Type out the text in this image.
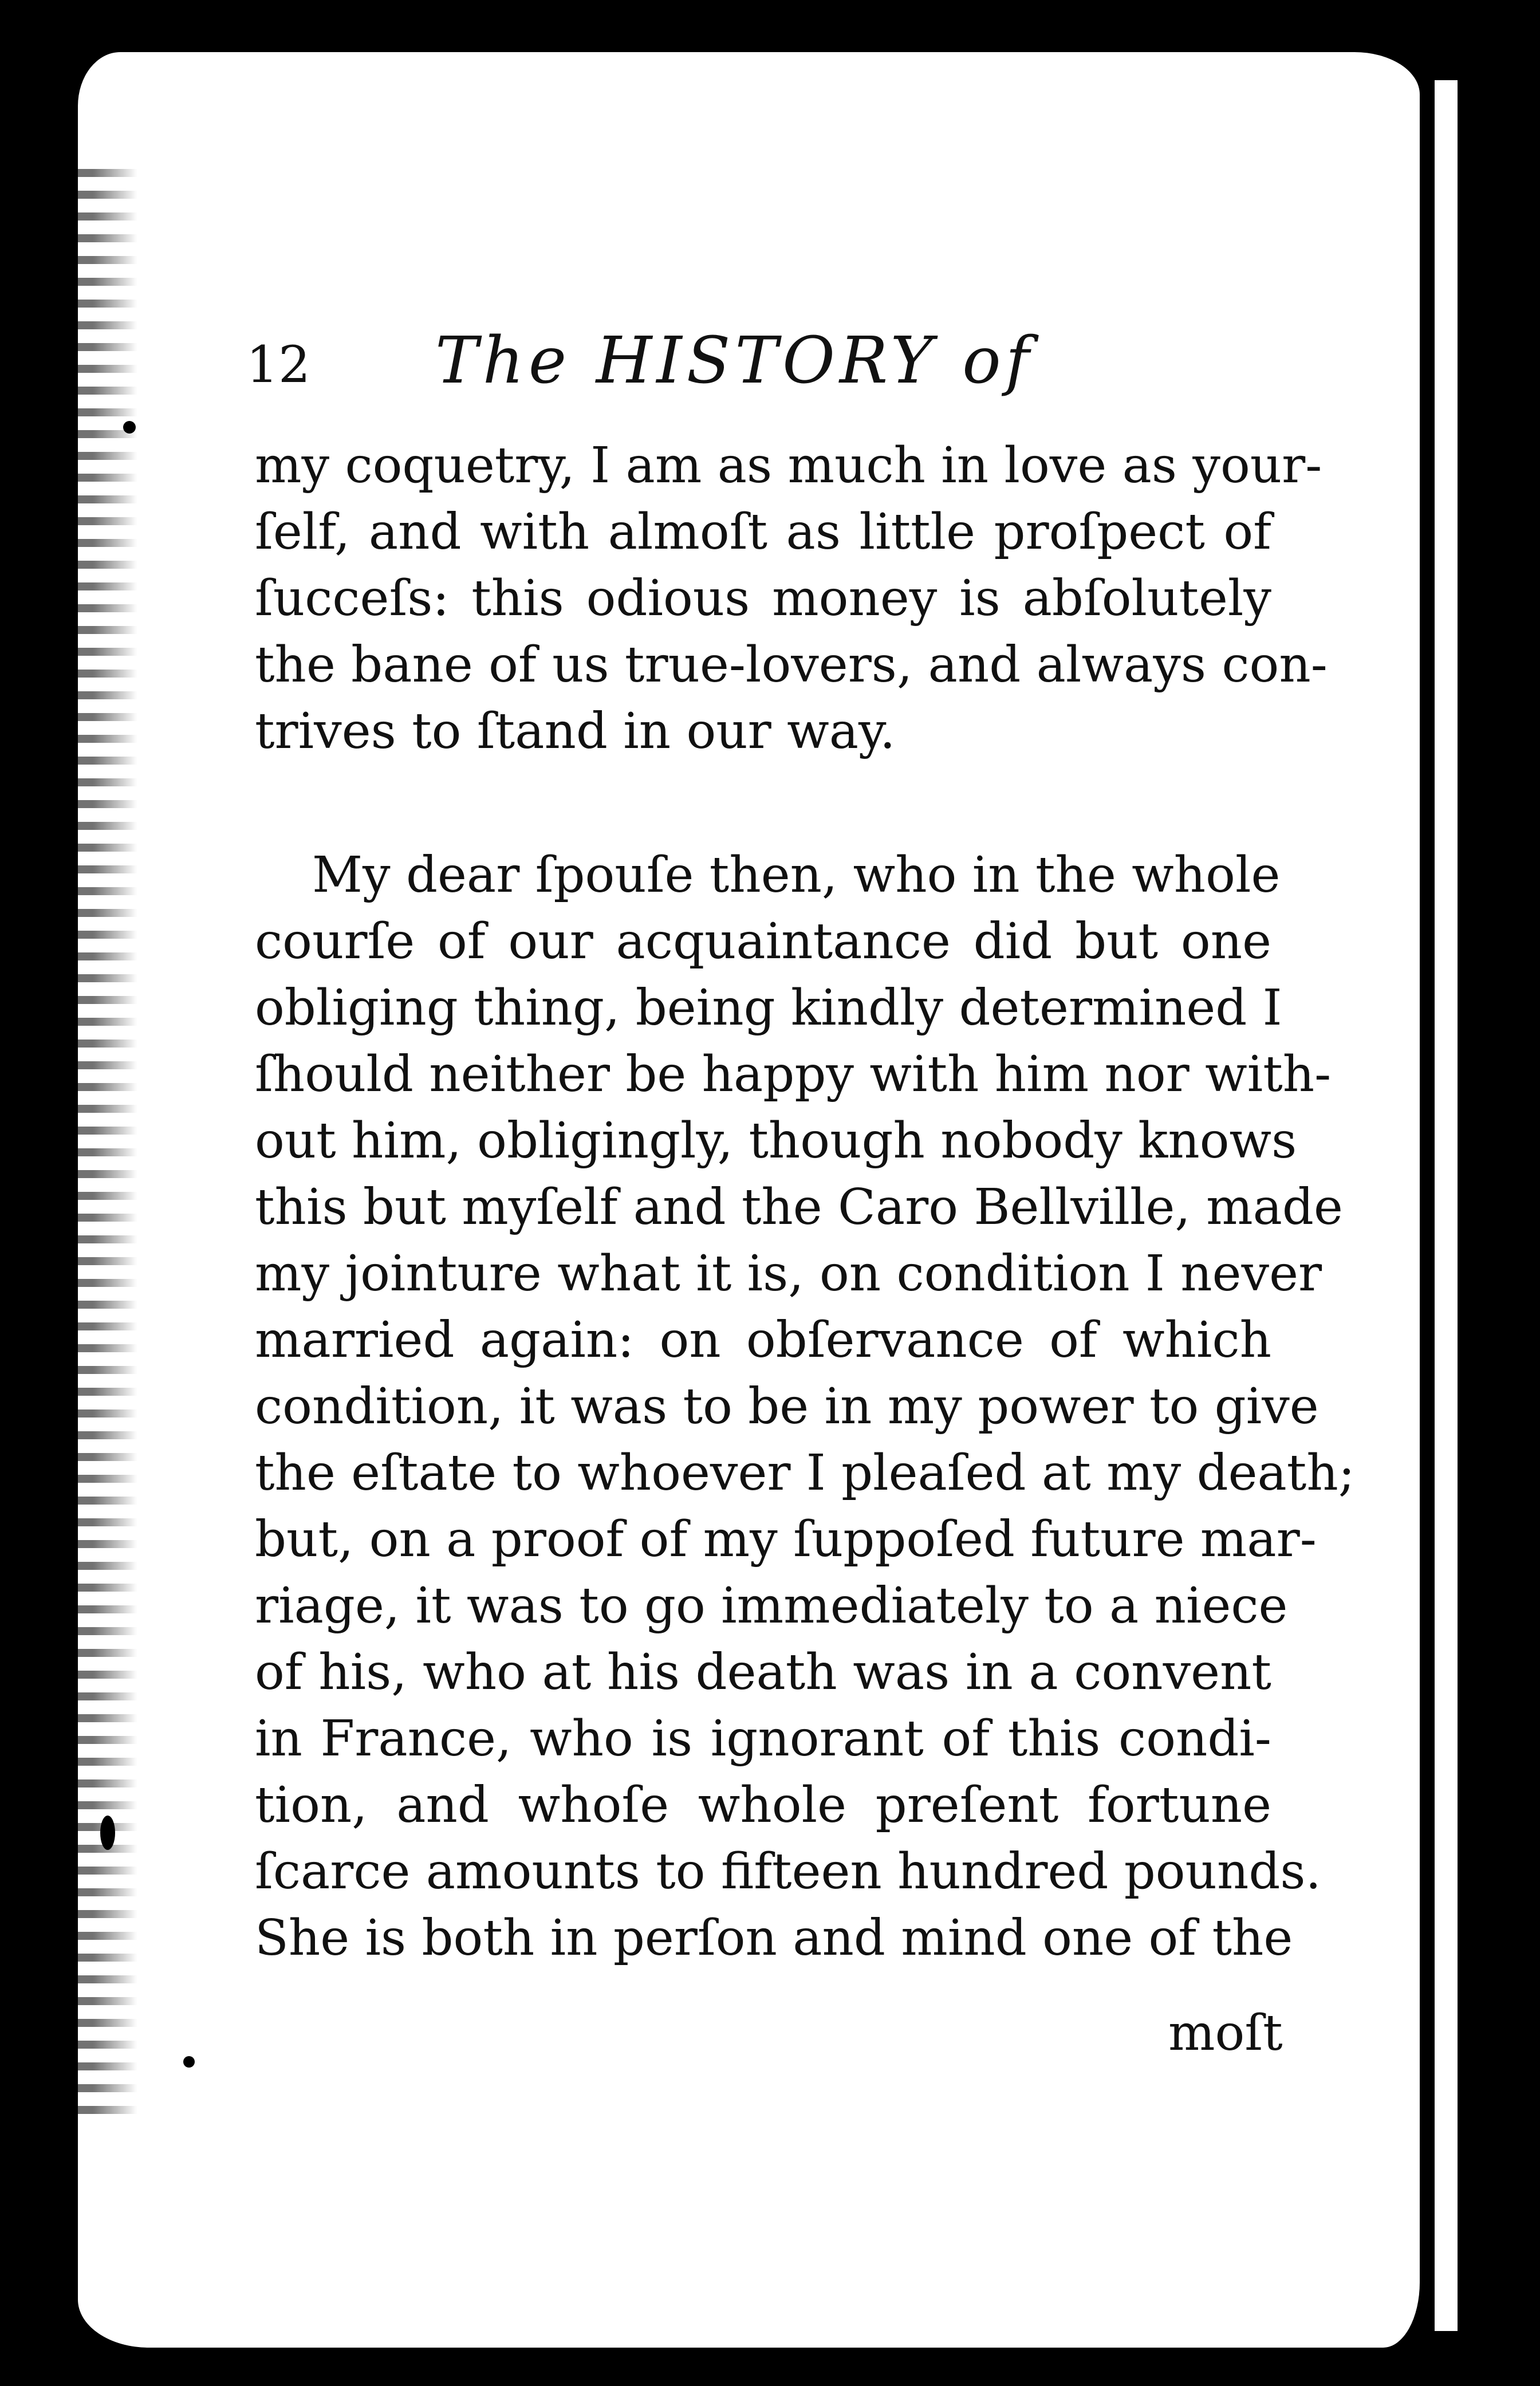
12 The HISTORY of
my coquetry, I am as much in love as your-
ſelf, and with almoſt as little proſpect of
ſucceſs: this odious money is abſolutely
the bane of us true-lovers, and always con-
trives to ſtand in our way.
My dear ſpouſe then, who in the whole
courſe of our acquaintance did but one
obliging thing, being kindly determined I
ſhould neither be happy with him nor with-
out him, obligingly, though nobody knows
this but myſelf and the Caro Bellville, made
my jointure what it is, on condition I never
married again: on obſervance of which
condition, it was to be in my power to give
the eſtate to whoever I pleaſed at my death;
but, on a proof of my ſuppoſed future mar-
riage, it was to go immediately to a niece
of his, who at his death was in a convent
in France, who is ignorant of this condi-
tion, and whoſe whole preſent fortune
ſcarce amounts to fifteen hundred pounds.
She is both in perſon and mind one of the
moſt
